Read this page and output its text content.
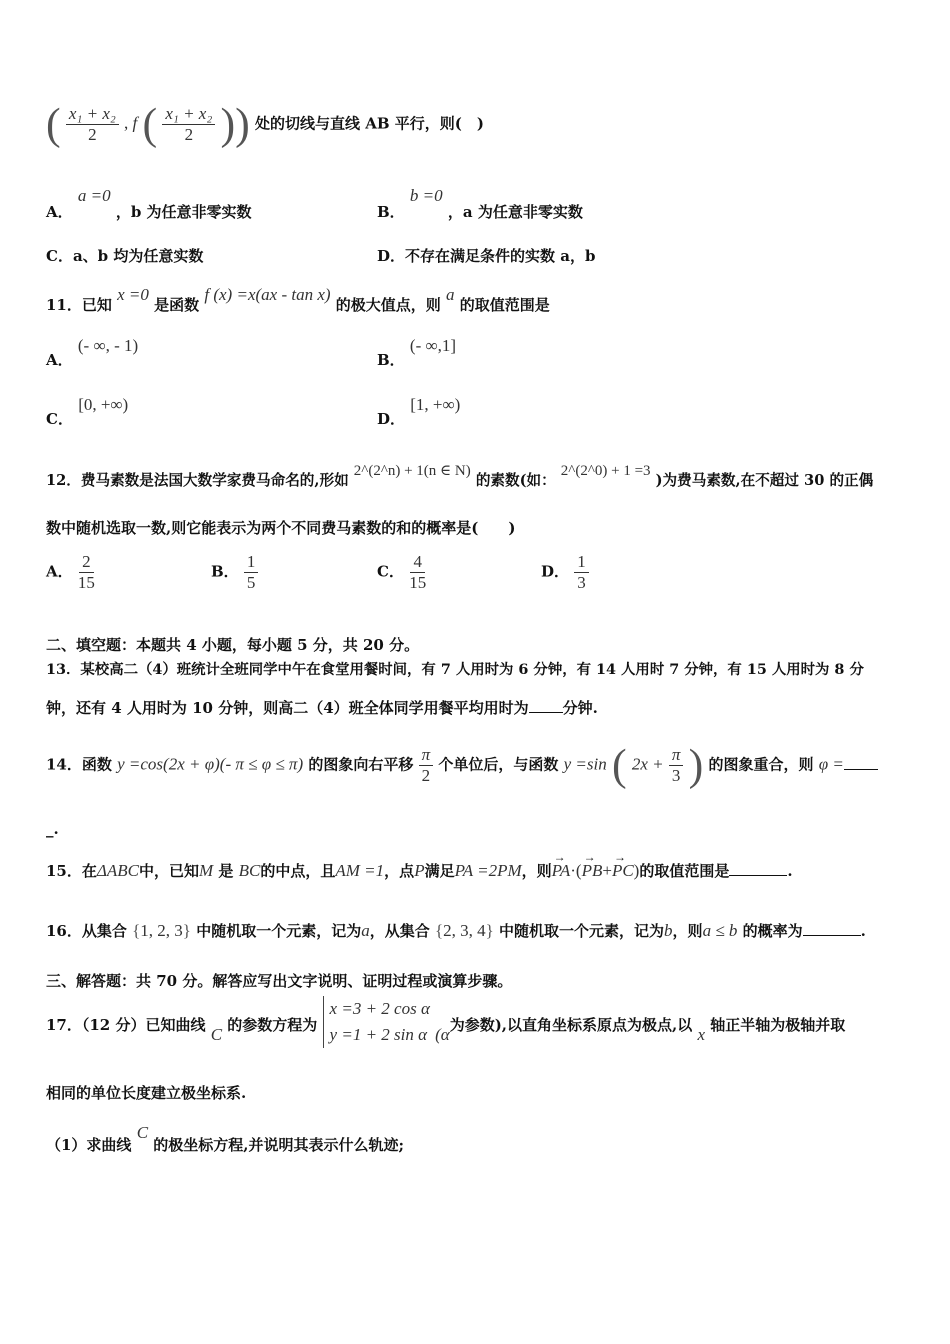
( $\frac{\text{x₁ + x₂}}{2}$ , f ( $\frac{\text{x₁ + x₂}}{2}$ )) 处的切线与直线 AB 平行，则(　)
A． a =0 ，b 为任意非零实数	B． b =0 ，a 为任意非零实数
C．a、b 均为任意实数	D．不存在满足条件的实数 a，b
11．已知 x =0 是函数 f (x) =x(ax - tan x) 的极大值点，则 a 的取值范围是
A． (- ∞, - 1)
B． (- ∞,1]
C． [0, +∞)
D． [1, +∞)
12．费马素数是法国大数学家费马命名的,形如 2^(2^n) + 1(n ∈ N) 的素数(如： 2^(2^0) + 1 =3 )为费马素数,在不超过 30 的正偶
数中随机选取一数,则它能表示为两个不同费马素数的和的概率是(　　)
A． $\frac{2}{15}$	B． $\frac{1}{5}$	C． $\frac{4}{15}$	D． $\frac{1}{3}$
二、填空题：本题共 4 小题，每小题 5 分，共 20 分。
13．某校高二（4）班统计全班同学中午在食堂用餐时间，有 7 人用时为 6 分钟，有 14 人用时 7 分钟，有 15 人用时为 8 分
钟，还有 4 人用时为 10 分钟，则高二（4）班全体同学用餐平均用时为 分钟.
14．函数 y =cos(2x + φ)(- π ≤ φ ≤ π) 的图象向右平移 $\frac{\pi}{2}$ 个单位后，与函数 y =sin ( $2x + \frac{\pi}{3}$ ) 的图象重合，则 φ =
_.
15．在ΔABC中，已知M 是 BC的中点，且AM =1，点P满足PA =2PM，则→ PA·(→ PB+→ PC)的取值范围是	.
16．从集合 {1, 2, 3} 中随机取一个元素，记为a，从集合 {2, 3, 4} 中随机取一个元素，记为b，则a ≤ b 的概率为	.
三、解答题：共 70 分。解答应写出文字说明、证明过程或演算步骤。
17．（12 分）已知曲线 C 的参数方程为
x =3 + 2 cos α
y =1 + 2 sin α (α为参数),以直角坐标系原点为极点,以 x 轴正半轴为极轴并取
相同的单位长度建立极坐标系.
（1）求曲线 C 的极坐标方程,并说明其表示什么轨迹;
